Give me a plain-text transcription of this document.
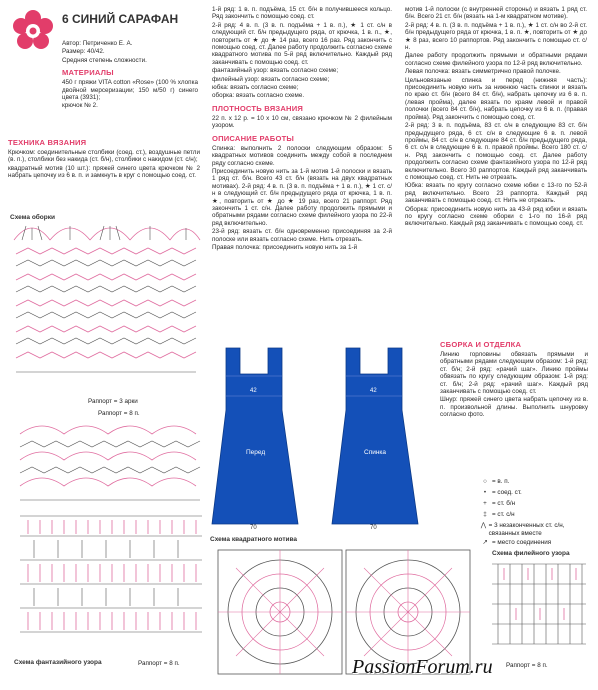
6 СИНИЙ САРАФАН

Автор: Петриченко Е. А.

Размер: 40/42.

Средняя степень сложности.

МАТЕРИАЛЫ

450 г пряжи VITA cotton «Rose» (100 % хлопка двойной мерсеризации; 150 м/50 г) синего цвета (3931);

крючок № 2.

ТЕХНИКА ВЯЗАНИЯ

Крючком: соединительные столбики (соед. ст.), воздушные петли (в. п.), столбики без накида (ст. б/н), столбики с накидом (ст. с/н);

квадратный мотив (10 шт.): пряжей синего цвета крючком № 2 набрать цепочку из 6 в. п. и замкнуть в круг с помощью соед. ст.

1-й ряд: 1 в. п. подъёма, 15 ст. б/н в получившееся кольцо. Ряд закончить с помощью соед. ст.

2-й ряд: 4 в. п. (3 в. п. подъёма + 1 в. п.), ★ 1 ст. с/н в следующий ст. б/н предыдущего ряда, от крючка, 1 в. п., ★, повторить от ★ до ★ 14 раз, всего 16 раз. Ряд закончить с помощью соед. ст. Далее работу продолжить согласно схеме квадратного мотива по 5-й ряд включительно. Каждый ряд заканчивать с помощью соед. ст.

фантазийный узор: вязать согласно схеме;

филейный узор: вязать согласно схеме;

юбка: вязать согласно схеме;

оборка: вязать согласно схеме.

ПЛОТНОСТЬ ВЯЗАНИЯ

22 п. х 12 р. = 10 х 10 см, связано крючком № 2 филейным узором.

ОПИСАНИЕ РАБОТЫ

Спинка: выполнить 2 полоски следующим образом: 5 квадратных мотивов соединить между собой в последнем ряду согласно схеме.

Присоединить новую нить за 1-й мотив 1-й полоски и вязать 1 ряд ст. б/н. Всего 43 ст. б/н (вязать на двух квадратных мотивах). 2-й ряд: 4 в. п. (3 в. п. подъёма + 1 в. п.), ★ 1 ст. с/н в следующий ст. б/н предыдущего ряда от крючка, 1 в. п. ★, повторить от ★ до ★ 19 раз, всего 21 раппорт. Ряд закончить 1 ст. с/н. Далее работу продолжить прямыми и обратными рядами согласно схеме филейного узора по 22-й ряд включительно.

23-й ряд: вязать ст. б/н одновременно присоединяя за 2-й полоске или вязать согласно схеме. Нить отрезать.

Правая полочка: присоединить новую нить за 1-й

мотив 1-й полоски (с внутренней стороны) и вязать 1 ряд ст. б/н. Всего 21 ст. б/н (вязать на 1-м квадратном мотиве).

2-й ряд: 4 в. п. (3 в. п. подъёма + 1 в. п.), ★ 1 ст. с/н во 2-й ст. б/н предыдущего ряда от крючка, 1 в. п. ★, повторить от ★ до ★ 8 раз, всего 10 раппортов. Ряд закончить с помощью ст. с/н.

Далее работу продолжить прямыми и обратными рядами согласно схеме филейного узора по 12-й ряд включительно.

Левая полочка: вязать симметрично правой полочке.

Цельновязаные спинка и перед (нижняя часть): присоединить новую нить за нижнюю часть спинки и вязать по краю ст. б/н (всего 84 ст. б/н), набрать цепочку из 6 в. п. (левая пройма), далее вязать по краям левой и правой полочки (всего 84 ст. б/н), набрать цепочку из 6 в. п. (правая пройма). Ряд закончить с помощью соед. ст.

2-й ряд: 3 в. п. подъёма, 83 ст. с/н в следующие 83 ст. б/н предыдущего ряда, 6 ст. с/н в следующие 6 в. п. левой проймы, 84 ст. с/н в следующие 84 ст. б/н предыдущего ряда, 6 ст. с/н в следующие 6 в. п. правой проймы. Всего 180 ст. с/н. Ряд закончить с помощью соед. ст. Далее работу продолжить согласно схеме фантазийного узора по 12-й ряд включительно. Всего 30 раппортов. Каждый ряд заканчивать с помощью соед. ст. Нить не отрезать.

Юбка: вязать по кругу согласно схеме юбки с 13-го по 52-й ряд включительно. Всего 23 раппорта. Каждый ряд заканчивать с помощью соед. ст. Нить не отрезать.

Оборка: присоединить новую нить за 43-й ряд юбки и вязать по кругу согласно схеме оборки с 1-го по 16-й ряд включительно. Каждый ряд заканчивать с помощью соед. ст.

СБОРКА И ОТДЕЛКА

Линию горловины обвязать прямыми и обратными рядами следующим образом: 1-й ряд: ст. б/н; 2-й ряд: «рачий шаг». Линию проймы обвязать по кругу следующим образом: 1-й ряд: ст. б/н; 2-й ряд: «рачий шаг». Каждый ряд заканчивать с помощью соед. ст.

Шнур: пряжей синего цвета набрать цепочку из в. п. произвольной длины. Выполнить шнуровку согласно фото.

○ = в. п.
• = соед. ст.
+ = ст. б/н
‡ = ст. с/н
⋀ = 3 незаконченных ст. с/н, связанных вместе
↗ = место соединения
Схема оборки
Раппорт = 3 арки
Раппорт = 8 п.
Схема фантазийного узора	Раппорт = 8 п.
42
Перед
70
42
Спинка
70
Схема квадратного мотива
Схема филейного узора
Раппорт = 8 п.
PassionForum.ru
